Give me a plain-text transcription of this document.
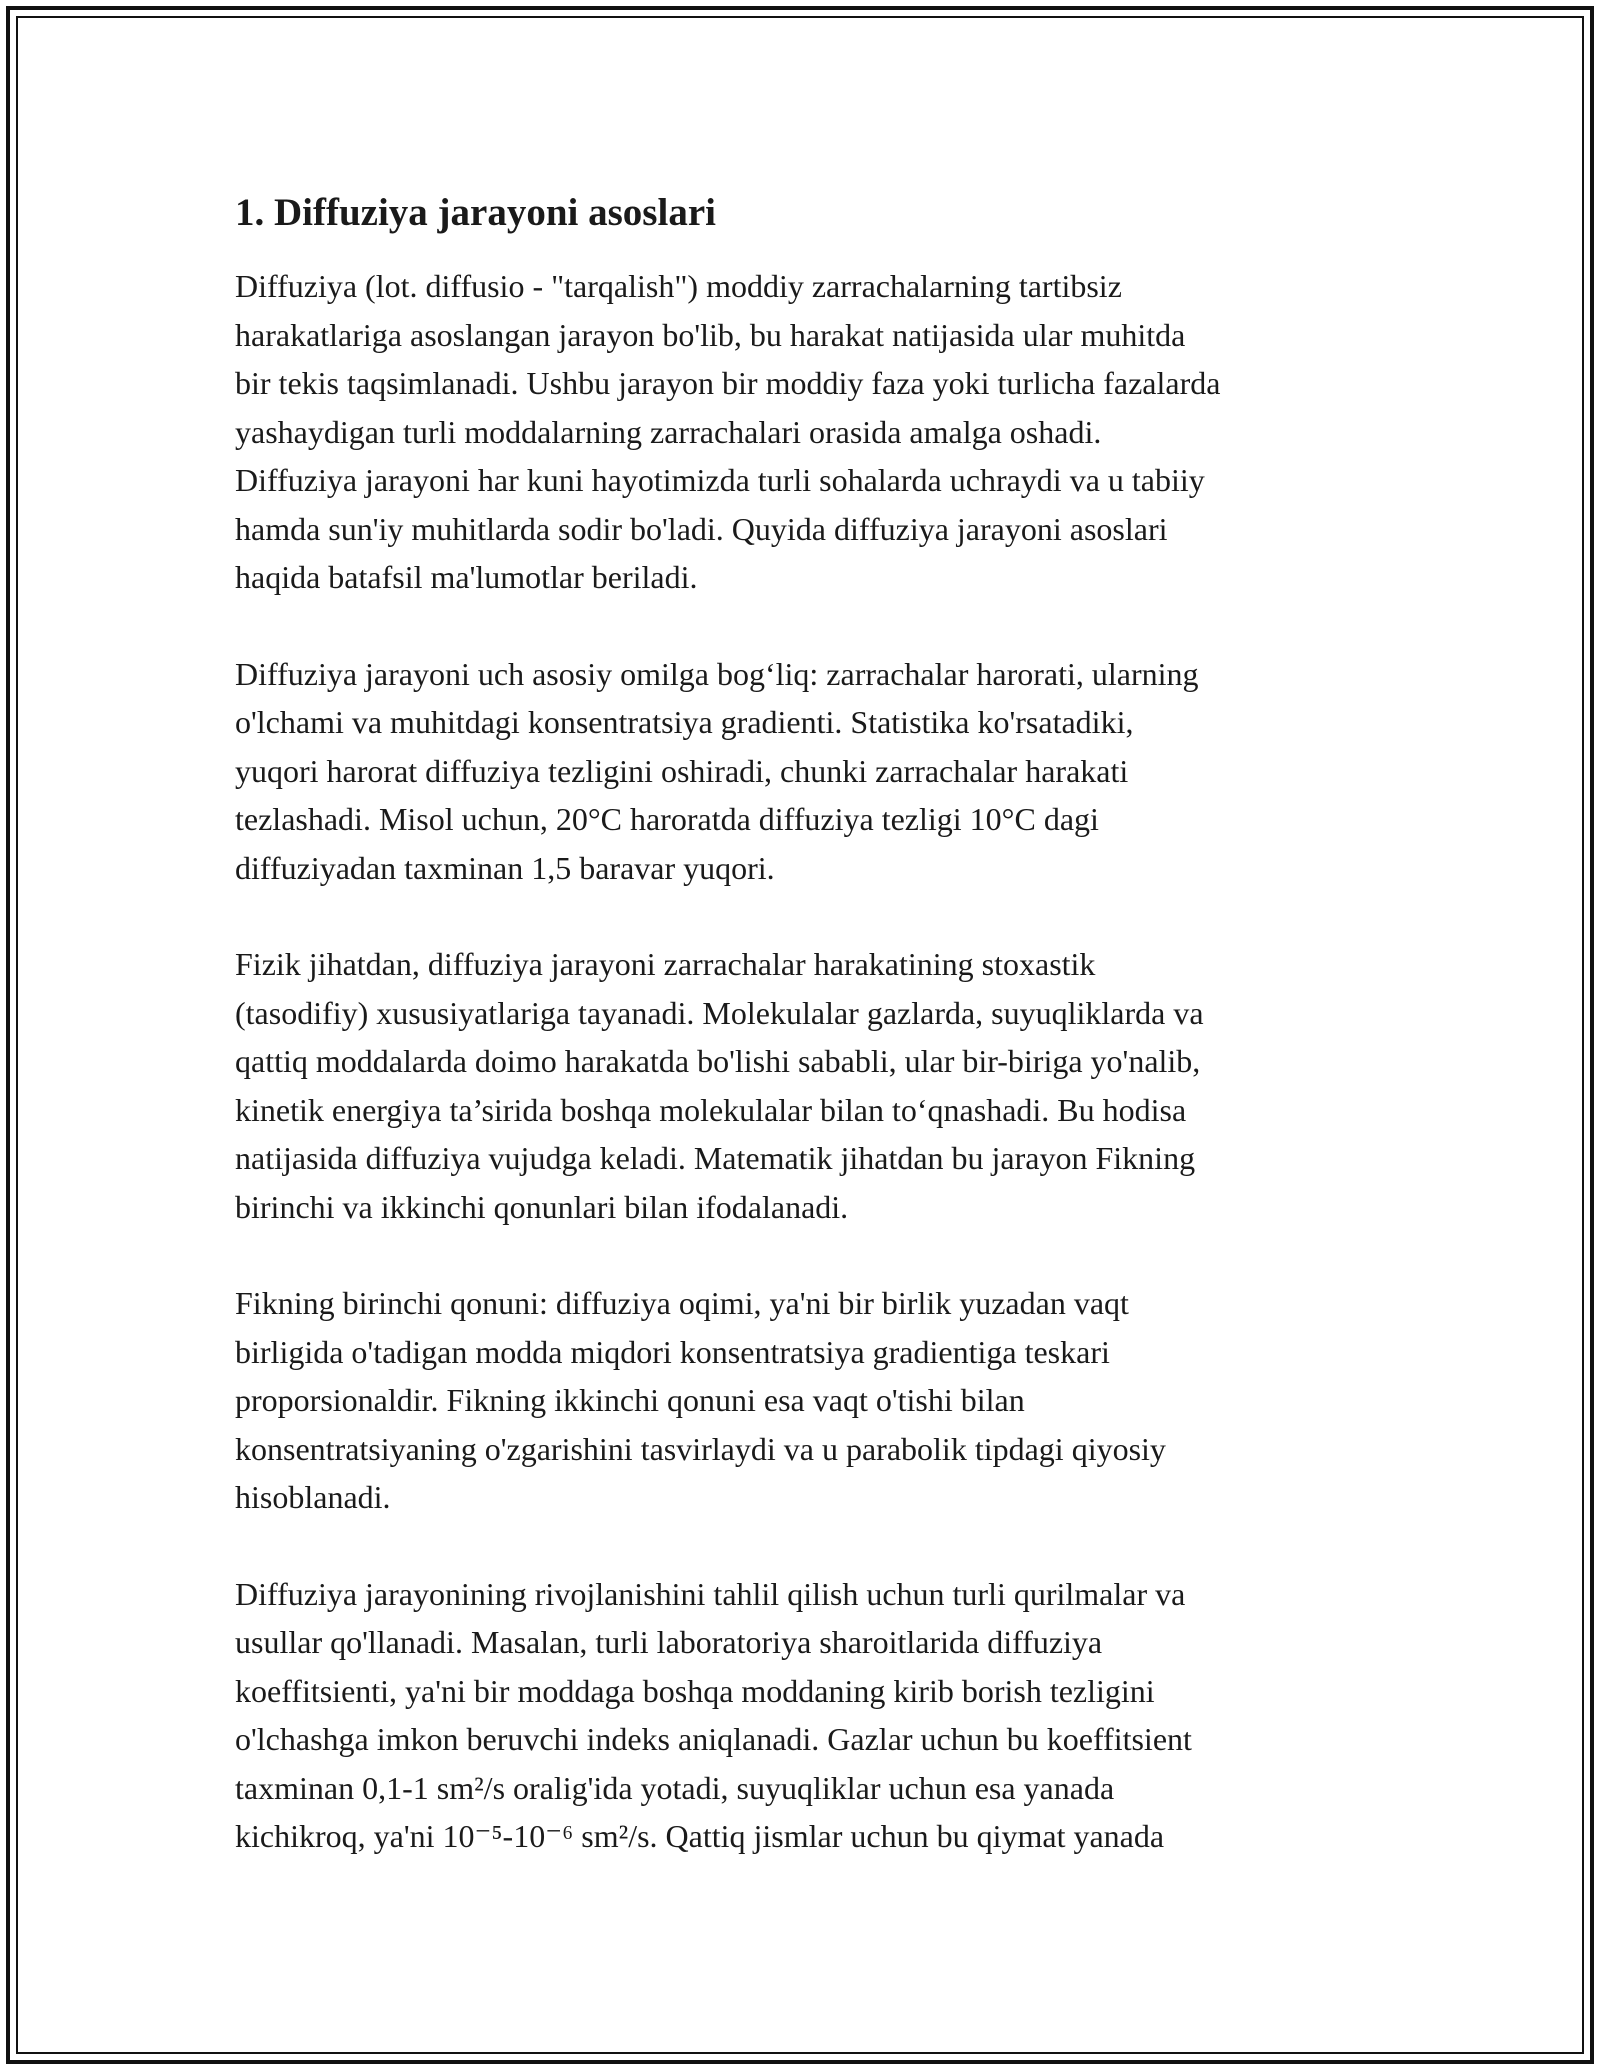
1. Diffuziya jarayoni asoslari
Diffuziya (lot. diffusio - "tarqalish") moddiy zarrachalarning tartibsiz
harakatlariga asoslangan jarayon bo'lib, bu harakat natijasida ular muhitda
bir tekis taqsimlanadi. Ushbu jarayon bir moddiy faza yoki turlicha fazalarda
yashaydigan turli moddalarning zarrachalari orasida amalga oshadi.
Diffuziya jarayoni har kuni hayotimizda turli sohalarda uchraydi va u tabiiy
hamda sun'iy muhitlarda sodir bo'ladi. Quyida diffuziya jarayoni asoslari
haqida batafsil ma'lumotlar beriladi.
Diffuziya jarayoni uch asosiy omilga bog‘liq: zarrachalar harorati, ularning
o'lchami va muhitdagi konsentratsiya gradienti. Statistika ko'rsatadiki,
yuqori harorat diffuziya tezligini oshiradi, chunki zarrachalar harakati
tezlashadi. Misol uchun, 20°C haroratda diffuziya tezligi 10°C dagi
diffuziyadan taxminan 1,5 baravar yuqori.
Fizik jihatdan, diffuziya jarayoni zarrachalar harakatining stoxastik
(tasodifiy) xususiyatlariga tayanadi. Molekulalar gazlarda, suyuqliklarda va
qattiq moddalarda doimo harakatda bo'lishi sababli, ular bir-biriga yo'nalib,
kinetik energiya ta’sirida boshqa molekulalar bilan to‘qnashadi. Bu hodisa
natijasida diffuziya vujudga keladi. Matematik jihatdan bu jarayon Fikning
birinchi va ikkinchi qonunlari bilan ifodalanadi.
Fikning birinchi qonuni: diffuziya oqimi, ya'ni bir birlik yuzadan vaqt
birligida o'tadigan modda miqdori konsentratsiya gradientiga teskari
proporsionaldir. Fikning ikkinchi qonuni esa vaqt o'tishi bilan
konsentratsiyaning o'zgarishini tasvirlaydi va u parabolik tipdagi qiyosiy
hisoblanadi.
Diffuziya jarayonining rivojlanishini tahlil qilish uchun turli qurilmalar va
usullar qo'llanadi. Masalan, turli laboratoriya sharoitlarida diffuziya
koeffitsienti, ya'ni bir moddaga boshqa moddaning kirib borish tezligini
o'lchashga imkon beruvchi indeks aniqlanadi. Gazlar uchun bu koeffitsient
taxminan 0,1-1 sm²/s oralig'ida yotadi, suyuqliklar uchun esa yanada
kichikroq, ya'ni 10⁻⁵-10⁻⁶ sm²/s. Qattiq jismlar uchun bu qiymat yanada
